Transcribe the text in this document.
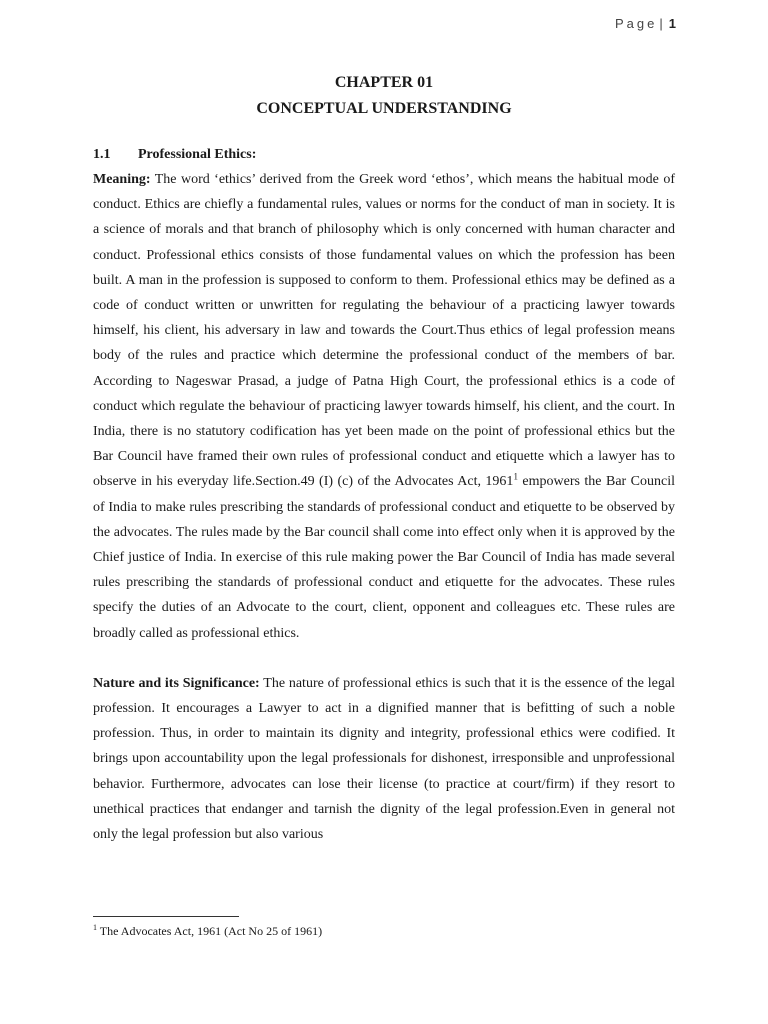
Page | 1
CHAPTER 01
CONCEPTUAL UNDERSTANDING
1.1 Professional Ethics:

Meaning: The word ‘ethics’ derived from the Greek word ‘ethos’, which means the habitual mode of conduct. Ethics are chiefly a fundamental rules, values or norms for the conduct of man in society. It is a science of morals and that branch of philosophy which is only concerned with human character and conduct. Professional ethics consists of those fundamental values on which the profession has been built. A man in the profession is supposed to conform to them. Professional ethics may be defined as a code of conduct written or unwritten for regulating the behaviour of a practicing lawyer towards himself, his client, his adversary in law and towards the Court.Thus ethics of legal profession means body of the rules and practice which determine the professional conduct of the members of bar. According to Nageswar Prasad, a judge of Patna High Court, the professional ethics is a code of conduct which regulate the behaviour of practicing lawyer towards himself, his client, and the court. In India, there is no statutory codification has yet been made on the point of professional ethics but the Bar Council have framed their own rules of professional conduct and etiquette which a lawyer has to observe in his everyday life.Section.49 (I) (c) of the Advocates Act, 1961$^1$ empowers the Bar Council of India to make rules prescribing the standards of professional conduct and etiquette to be observed by the advocates. The rules made by the Bar council shall come into effect only when it is approved by the Chief justice of India. In exercise of this rule making power the Bar Council of India has made several rules prescribing the standards of professional conduct and etiquette for the advocates. These rules specify the duties of an Advocate to the court, client, opponent and colleagues etc. These rules are broadly called as professional ethics.

Nature and its Significance: The nature of professional ethics is such that it is the essence of the legal profession. It encourages a Lawyer to act in a dignified manner that is befitting of such a noble profession. Thus, in order to maintain its dignity and integrity, professional ethics were codified. It brings upon accountability upon the legal professionals for dishonest, irresponsible and unprofessional behavior. Furthermore, advocates can lose their license (to practice at court/firm) if they resort to unethical practices that endanger and tarnish the dignity of the legal profession.Even in general not only the legal profession but also various

$^1$ The Advocates Act, 1961 (Act No 25 of 1961)
